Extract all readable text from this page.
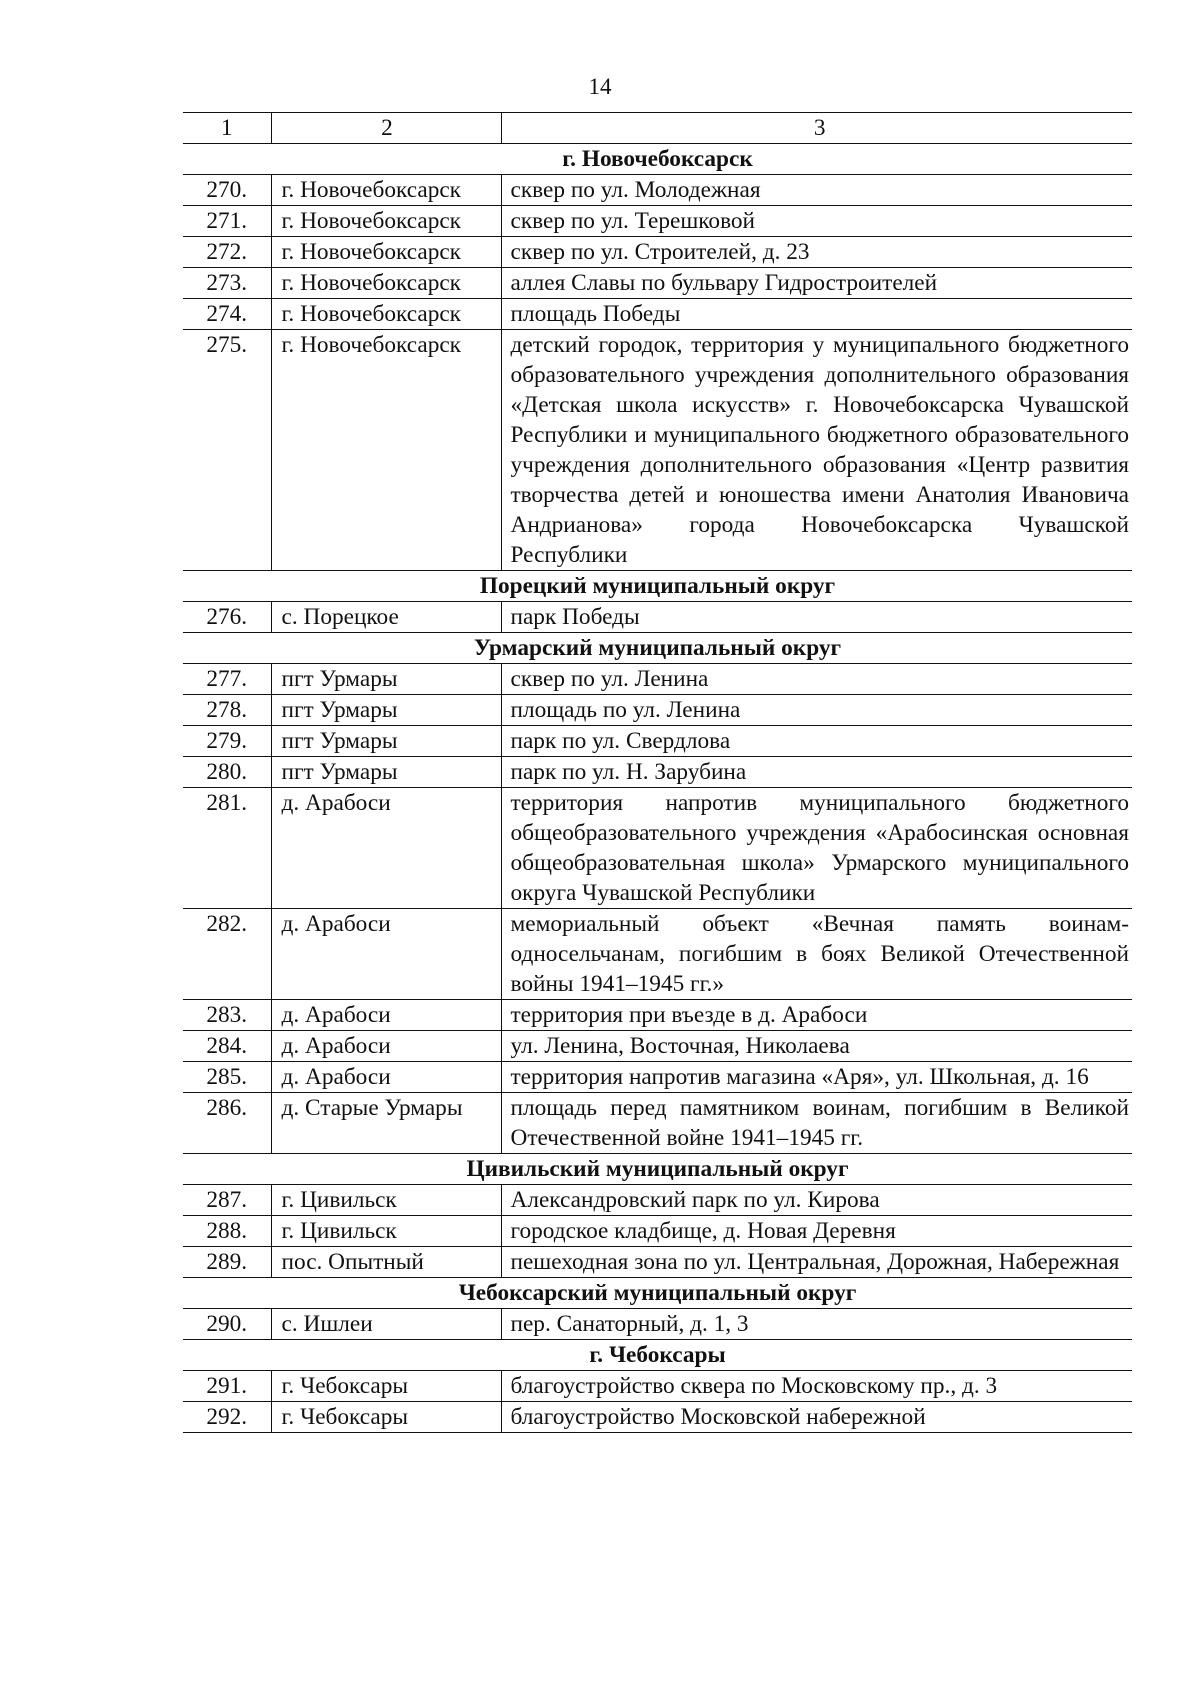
14
1	2	3
г. Новочебоксарск		
270.	г. Новочебоксарск	сквер по ул. Молодежная
271.	г. Новочебоксарск	сквер по ул. Терешковой
272.	г. Новочебоксарск	сквер по ул. Строителей, д. 23
273.	г. Новочебоксарск	аллея Славы по бульвару Гидростроителей
274.	г. Новочебоксарск	площадь Победы
275.	г. Новочебоксарск	детский городок, территория у муниципального бюджетного образовательного учреждения дополнительного образования «Детская школа искусств» г. Новочебоксарска Чувашской Республики и муниципального бюджетного образовательного учреждения дополнительного образования «Центр развития творчества детей и юношества имени Анатолия Ивановича Андрианова» города Новочебоксарска Чувашской Республики
Порецкий муниципальный округ		
276.	с. Порецкое	парк Победы
Урмарский муниципальный округ		
277.	пгт Урмары	сквер по ул. Ленина
278.	пгт Урмары	площадь по ул. Ленина
279.	пгт Урмары	парк по ул. Свердлова
280.	пгт Урмары	парк по ул. Н. Зарубина
281.	д. Арабоси	территория напротив муниципального бюджетного общеобразовательного учреждения «Арабосинская основная общеобразовательная школа» Урмарского муниципального округа Чувашской Республики
282.	д. Арабоси	мемориальный объект «Вечная память воинам-односельчанам, погибшим в боях Великой Отечественной войны 1941–1945 гг.»
283.	д. Арабоси	территория при въезде в д. Арабоси
284.	д. Арабоси	ул. Ленина, Восточная, Николаева
285.	д. Арабоси	территория напротив магазина «Аря», ул. Школьная, д. 16
286.	д. Старые Урмары	площадь перед памятником воинам, погибшим в Великой Отечественной войне 1941–1945 гг.
Цивильский муниципальный округ		
287.	г. Цивильск	Александровский парк по ул. Кирова
288.	г. Цивильск	городское кладбище, д. Новая Деревня
289.	пос. Опытный	пешеходная зона по ул. Центральная, Дорожная, Набережная
Чебоксарский муниципальный округ		
290.	с. Ишлеи	пер. Санаторный, д. 1, 3
г. Чебоксары		
291.	г. Чебоксары	благоустройство сквера по Московскому пр., д. 3
292.	г. Чебоксары	благоустройство Московской набережной
